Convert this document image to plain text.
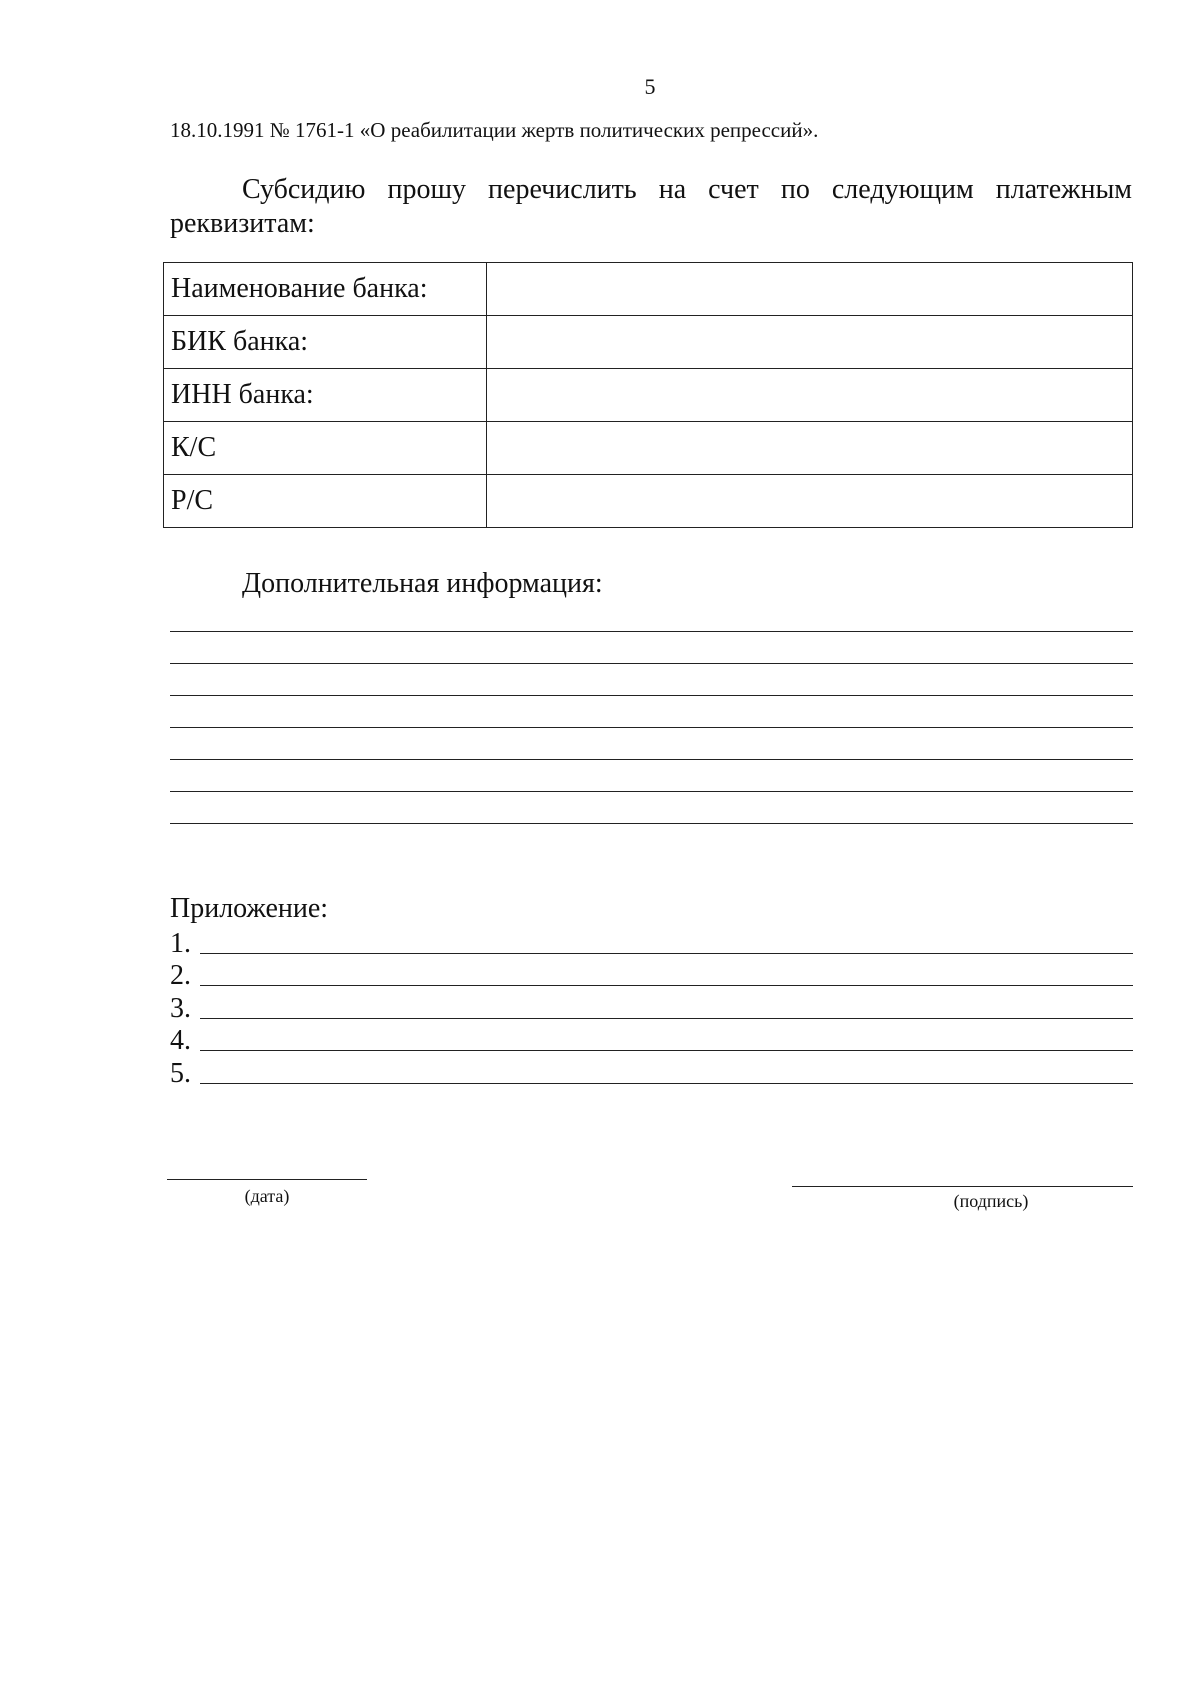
5
18.10.1991 № 1761-1 «О реабилитации жертв политических репрессий».
Субсидию прошу перечислить на счет по следующим платежным реквизитам:
Наименование банка:	
БИК банка:	
ИНН банка:	
К/С	
Р/С	
Дополнительная информация:
Приложение:
1.
2.
3.
4.
5.
(дата)	(подпись)
